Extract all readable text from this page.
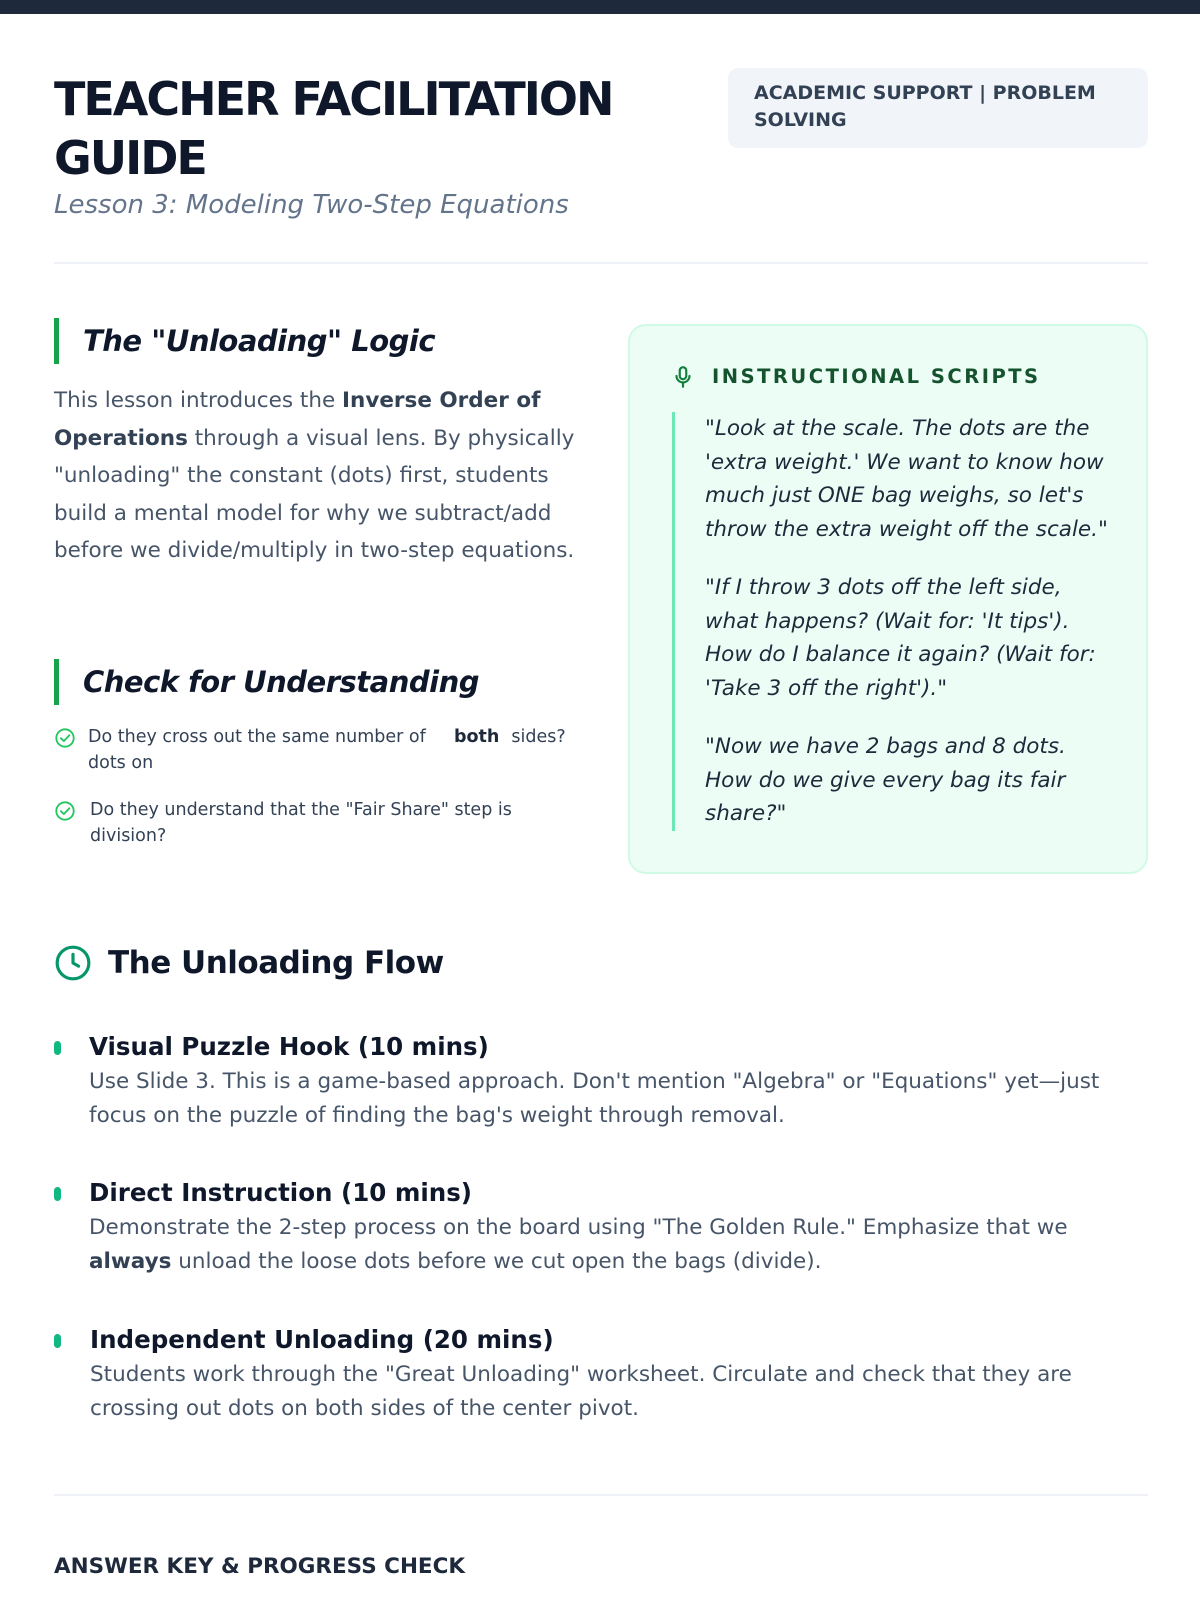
TEACHER FACILITATION GUIDE
Lesson 3: Modeling Two-Step Equations
ACADEMIC SUPPORT | PROBLEM SOLVING
The "Unloading" Logic

This lesson introduces the Inverse Order of Operations through a visual lens. By physically "unloading" the constant (dots) first, students build a mental model for why we subtract/add before we divide/multiply in two-step equations.

Check for Understanding
Do they cross out the same number of dots on
both sides?
Do they understand that the "Fair Share" step is division?
INSTRUCTIONAL SCRIPTS

"Look at the scale. The dots are the 'extra weight.' We want to know how much just ONE bag weighs, so let's throw the extra weight off the scale."

"If I throw 3 dots off the left side, what happens? (Wait for: 'It tips'). How do I balance it again? (Wait for: 'Take 3 off the right')."

"Now we have 2 bags and 8 dots. How do we give every bag its fair share?"

The Unloading Flow
Visual Puzzle Hook (10 mins)

Use Slide 3. This is a game-based approach. Don't mention "Algebra" or "Equations" yet—just focus on the puzzle of finding the bag's weight through removal.

Direct Instruction (10 mins)

Demonstrate the 2-step process on the board using "The Golden Rule." Emphasize that we always unload the loose dots before we cut open the bags (divide).

Independent Unloading (20 mins)

Students work through the "Great Unloading" worksheet. Circulate and check that they are crossing out dots on both sides of the center pivot.

ANSWER KEY & PROGRESS CHECK
